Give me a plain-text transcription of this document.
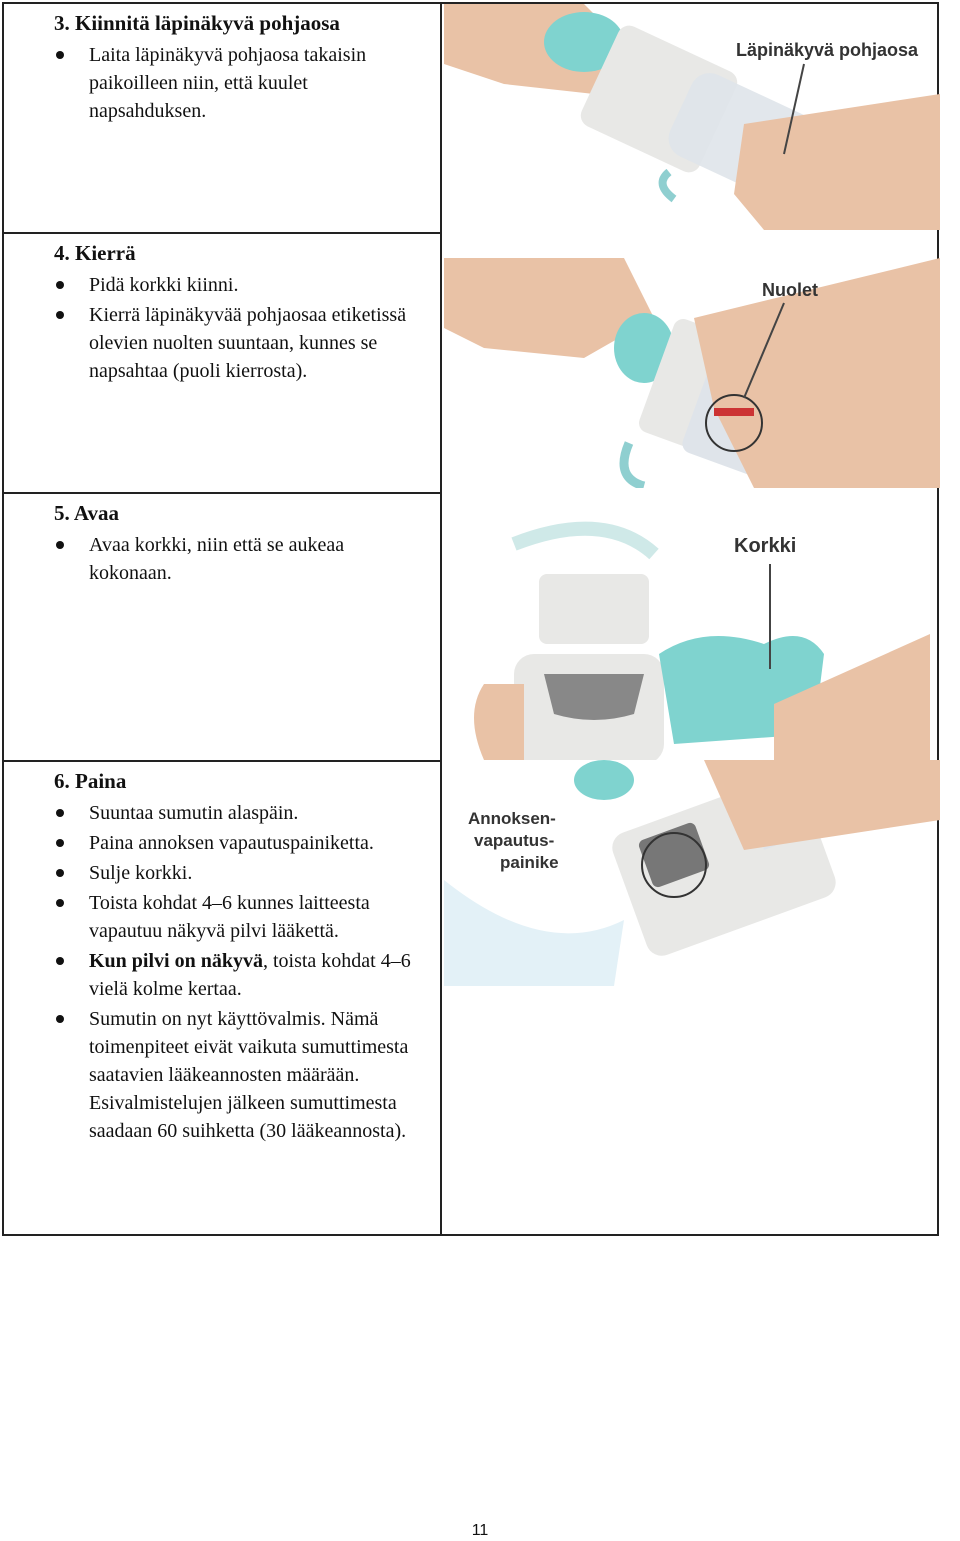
3. Kiinnitä läpinäkyvä pohjaosa
Laita läpinäkyvä pohjaosa takaisin paikoilleen niin, että kuulet napsahduksen.
4. Kierrä
Pidä korkki kiinni.
Kierrä läpinäkyvää pohjaosaa etiketissä olevien nuolten suuntaan, kunnes se napsahtaa (puoli kierrosta).
5. Avaa
Avaa korkki, niin että se aukeaa kokonaan.
6. Paina
Suuntaa sumutin alaspäin.
Paina annoksen vapautuspainiketta.
Sulje korkki.
Toista kohdat 4–6 kunnes laitteesta vapautuu näkyvä pilvi lääkettä.
Kun pilvi on näkyvä, toista kohdat 4–6 vielä kolme kertaa.
Sumutin on nyt käyttövalmis. Nämä toimenpiteet eivät vaikuta sumuttimesta saatavien lääkeannosten määrään. Esivalmistelujen jälkeen sumuttimesta saadaan 60 suihketta (30 lääkeannosta).
Läpinäkyvä pohjaosa
Nuolet
Korkki
Annoksen-
vapautus-
painike
11
